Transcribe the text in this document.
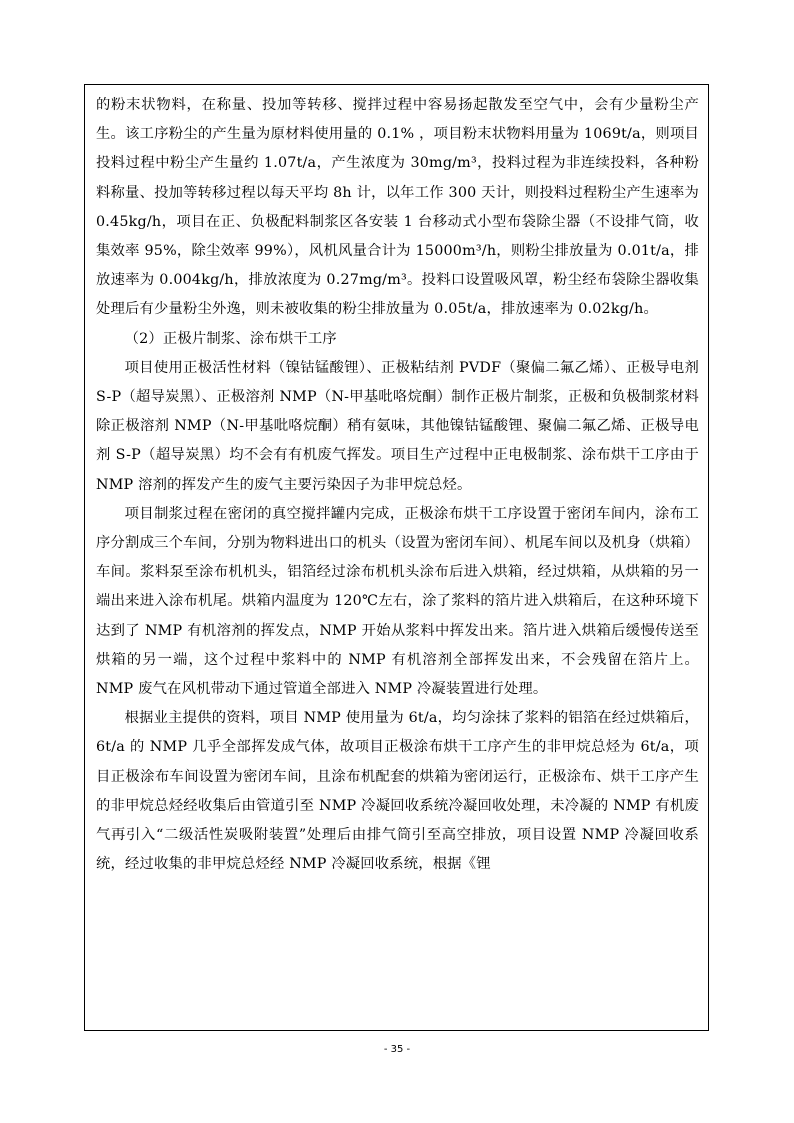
的粉末状物料，在称量、投加等转移、搅拌过程中容易扬起散发至空气中，会有少量粉尘产生。该工序粉尘的产生量为原材料使用量的 0.1% ，项目粉末状物料用量为 1069t/a，则项目投料过程中粉尘产生量约 1.07t/a，产生浓度为 30mg/m³，投料过程为非连续投料，各种粉料称量、投加等转移过程以每天平均 8h 计，以年工作 300 天计，则投料过程粉尘产生速率为 0.45kg/h，项目在正、负极配料制浆区各安装 1 台移动式小型布袋除尘器（不设排气筒，收集效率 95%，除尘效率 99%），风机风量合计为 15000m³/h，则粉尘排放量为 0.01t/a，排放速率为 0.004kg/h，排放浓度为 0.27mg/m³。投料口设置吸风罩，粉尘经布袋除尘器收集处理后有少量粉尘外逸，则未被收集的粉尘排放量为 0.05t/a，排放速率为 0.02kg/h。

（2）正极片制浆、涂布烘干工序

项目使用正极活性材料（镍钴锰酸锂）、正极粘结剂 PVDF（聚偏二氟乙烯）、正极导电剂 S-P（超导炭黑）、正极溶剂 NMP（N-甲基吡咯烷酮）制作正极片制浆，正极和负极制浆材料除正极溶剂 NMP（N-甲基吡咯烷酮）稍有氨味，其他镍钴锰酸锂、聚偏二氟乙烯、正极导电剂 S-P（超导炭黑）均不会有有机废气挥发。项目生产过程中正电极制浆、涂布烘干工序由于 NMP 溶剂的挥发产生的废气主要污染因子为非甲烷总烃。

项目制浆过程在密闭的真空搅拌罐内完成，正极涂布烘干工序设置于密闭车间内，涂布工序分割成三个车间，分别为物料进出口的机头（设置为密闭车间）、机尾车间以及机身（烘箱）车间。浆料泵至涂布机机头，铝箔经过涂布机机头涂布后进入烘箱，经过烘箱，从烘箱的另一端出来进入涂布机尾。烘箱内温度为 120℃左右，涂了浆料的箔片进入烘箱后，在这种环境下达到了 NMP 有机溶剂的挥发点，NMP 开始从浆料中挥发出来。箔片进入烘箱后缓慢传送至烘箱的另一端，这个过程中浆料中的 NMP 有机溶剂全部挥发出来，不会残留在箔片上。NMP 废气在风机带动下通过管道全部进入 NMP 冷凝装置进行处理。

根据业主提供的资料，项目 NMP 使用量为 6t/a，均匀涂抹了浆料的铝箔在经过烘箱后，6t/a 的 NMP 几乎全部挥发成气体，故项目正极涂布烘干工序产生的非甲烷总烃为 6t/a，项目正极涂布车间设置为密闭车间，且涂布机配套的烘箱为密闭运行，正极涂布、烘干工序产生的非甲烷总烃经收集后由管道引至 NMP 冷凝回收系统冷凝回收处理，未冷凝的 NMP 有机废气再引入“二级活性炭吸附装置”处理后由排气筒引至高空排放，项目设置 NMP 冷凝回收系统，经过收集的非甲烷总烃经 NMP 冷凝回收系统，根据《锂

- 35 -
